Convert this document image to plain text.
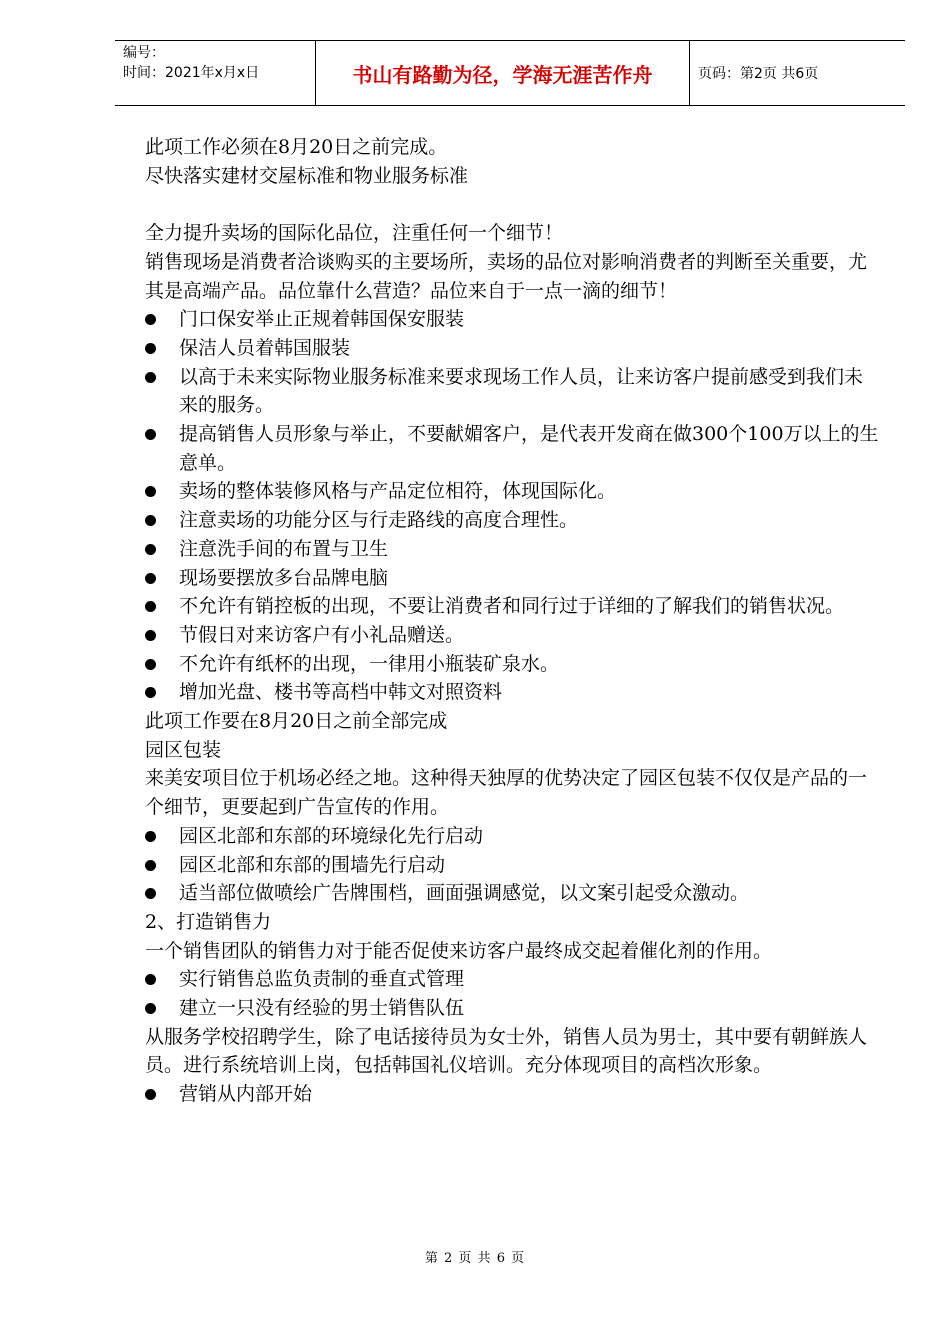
编号：
时间：2021年x月x日	书山有路勤为径，学海无涯苦作舟	页码：第2页 共6页

此项工作必须在8月20日之前完成。

尽快落实建材交屋标准和物业服务标准

全力提升卖场的国际化品位，注重任何一个细节！

销售现场是消费者洽谈购买的主要场所，卖场的品位对影响消费者的判断至关重要，尤其是高端产品。品位靠什么营造？品位来自于一点一滴的细节！

门口保安举止正规着韩国保安服装
保洁人员着韩国服装
以高于未来实际物业服务标准来要求现场工作人员，让来访客户提前感受到我们未来的服务。
提高销售人员形象与举止，不要献媚客户，是代表开发商在做300个100万以上的生意单。
卖场的整体装修风格与产品定位相符，体现国际化。
注意卖场的功能分区与行走路线的高度合理性。
注意洗手间的布置与卫生
现场要摆放多台品牌电脑
不允许有销控板的出现，不要让消费者和同行过于详细的了解我们的销售状况。
节假日对来访客户有小礼品赠送。
不允许有纸杯的出现，一律用小瓶装矿泉水。
增加光盘、楼书等高档中韩文对照资料

此项工作要在8月20日之前全部完成

园区包装

来美安项目位于机场必经之地。这种得天独厚的优势决定了园区包装不仅仅是产品的一个细节，更要起到广告宣传的作用。

园区北部和东部的环境绿化先行启动
园区北部和东部的围墙先行启动
适当部位做喷绘广告牌围档，画面强调感觉，以文案引起受众激动。

2、打造销售力

一个销售团队的销售力对于能否促使来访客户最终成交起着催化剂的作用。

实行销售总监负责制的垂直式管理
建立一只没有经验的男士销售队伍

从服务学校招聘学生，除了电话接待员为女士外，销售人员为男士，其中要有朝鲜族人员。进行系统培训上岗，包括韩国礼仪培训。充分体现项目的高档次形象。

营销从内部开始
第 2 页 共 6 页
